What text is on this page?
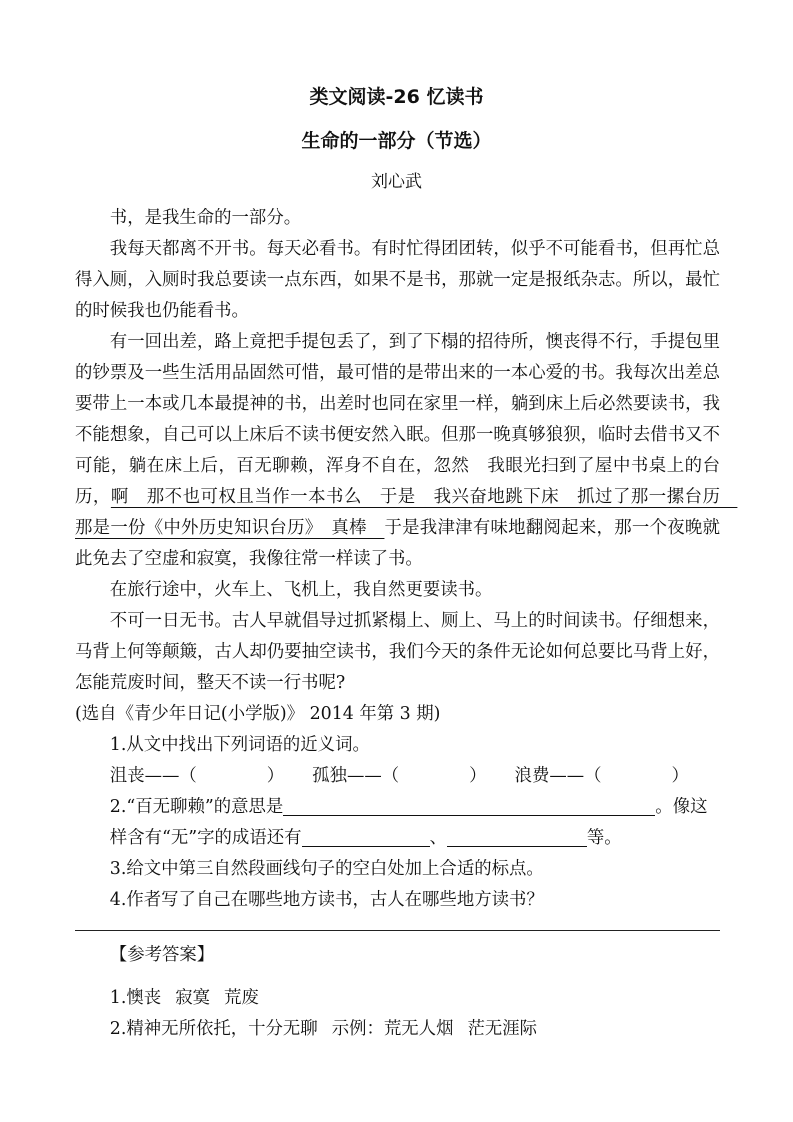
类文阅读-26 忆读书
生命的一部分（节选）
刘心武

书，是我生命的一部分。

我每天都离不开书。每天必看书。有时忙得团团转，似乎不可能看书，但再忙总得入厕，入厕时我总要读一点东西，如果不是书，那就一定是报纸杂志。所以，最忙的时候我也仍能看书。

有一回出差，路上竟把手提包丢了，到了下榻的招待所，懊丧得不行，手提包里的钞票及一些生活用品固然可惜，最可惜的是带出来的一本心爱的书。我每次出差总要带上一本或几本最提神的书，出差时也同在家里一样，躺到床上后必然要读书，我不能想象，自己可以上床后不读书便安然入眠。但那一晚真够狼狈，临时去借书又不可能，躺在床上后，百无聊赖，浑身不自在，忽然　我眼光扫到了屋中书桌上的台历，啊　那不也可权且当作一本书么　于是　我兴奋地跳下床　抓过了那一摞台历　那是一份《中外历史知识台历》　真棒　于是我津津有味地翻阅起来，那一个夜晚就此免去了空虚和寂寞，我像往常一样读了书。

在旅行途中，火车上、飞机上，我自然更要读书。

不可一日无书。古人早就倡导过抓紧榻上、厕上、马上的时间读书。仔细想来，马背上何等颠簸，古人却仍要抽空读书，我们今天的条件无论如何总要比马背上好，怎能荒废时间，整天不读一行书呢?

(选自《青少年日记(小学版)》 2014 年第 3 期)

1.从文中找出下列词语的近义词。

沮丧——（	） 孤独——（	） 浪费——（	）

2.“百无聊赖”的意思是	。像这

样含有“无”字的成语还有	、	等。

3.给文中第三自然段画线句子的空白处加上合适的标点。

4.作者写了自己在哪些地方读书，古人在哪些地方读书？

【参考答案】

1.懊丧 寂寞 荒废

2.精神无所依托，十分无聊 示例：荒无人烟 茫无涯际
